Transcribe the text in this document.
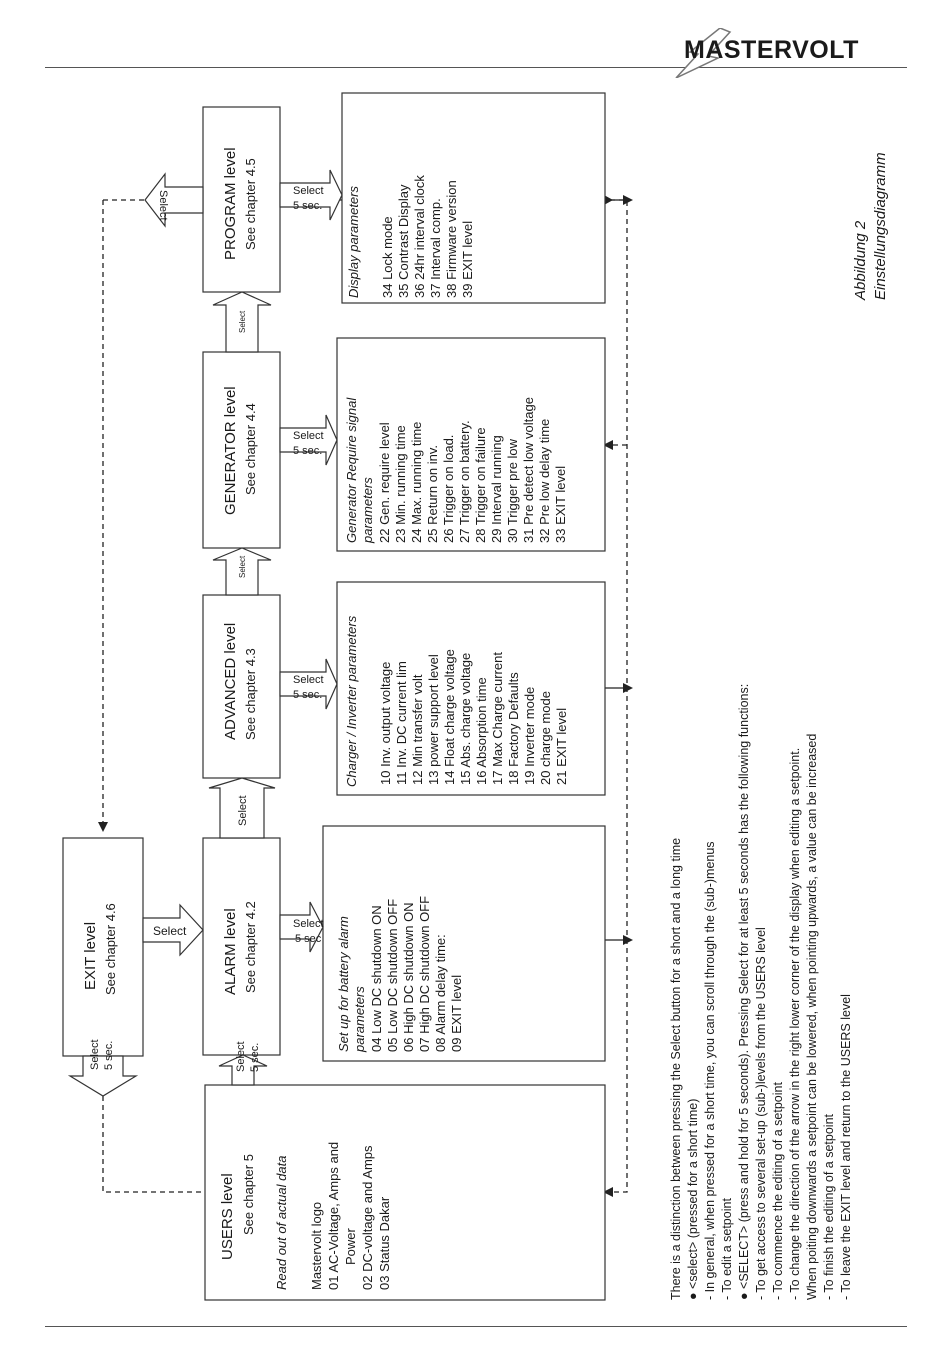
MASTERVOLT
Select	Select
5 sec
Select
5 sec.
Select
5 sec.
Select
5 sec.
Select 5 sec.	Select 5 sec.
Select
Select
Select
Select
USERS level See chapter 5 Read out of actual data Mastervolt logo 01 AC-Voltage, Amps and Power 02 DC-voltage and Amps 03 Status Dakar
EXIT level See chapter 4.6	ALARM level See chapter 4.2
ADVANCED level See chapter 4.3
GENERATOR level See chapter 4.4
PROGRAM level See chapter 4.5
Set up for battery alarm parameters 04 Low DC shutdown ON 05 Low DC shutdown OFF 06 High DC shutdown ON 07 High DC shutdown OFF 08 Alarm delay time: 09 EXIT level
Charger / Inverter parameters 10 Inv. output voltage 11 Inv. DC current lim 12 Min transfer volt 13 power support level 14 Float charge voltage 15 Abs. charge voltage 16 Absorption time 17 Max Charge current 18 Factory Defaults 19 Inverter mode 20 charge mode 21 EXIT level
Generator Require signal parameters 22 Gen. require level 23 Min. running time 24 Max. running time 25 Return on inv. 26 Trigger on load. 27 Trigger on battery. 28 Trigger on failure 29 Interval running 30 Trigger pre low 31 Pre detect low voltage 32 Pre low delay time 33 EXIT level
Display parameters 34 Lock mode 35 Contrast Display 36 24hr interval clock 37 Interval comp. 38 Firmware version 39 EXIT level
There is a distinction between pressing the Select button for a short and a long time ● <select> (pressed for a short time) - In general, when pressed for a short time, you can scroll through the (sub-)menus - To edit a setpoint ● <SELECT> (press and hold for 5 seconds). Pressing Select for at least 5 seconds has the following functions: - To get access to several set-up (sub-)levels from the USERS level - To commence the editing of a setpoint - To change the direction of the arrow in the right lower corner of the display when editing a setpoint. When poiting downwards a setpoint can be lowered, when pointing upwards, a value can be increased - To finish the editing of a setpoint - To leave the EXIT level and return to the USERS level
Abbildung 2 Einstellungsdiagramm
